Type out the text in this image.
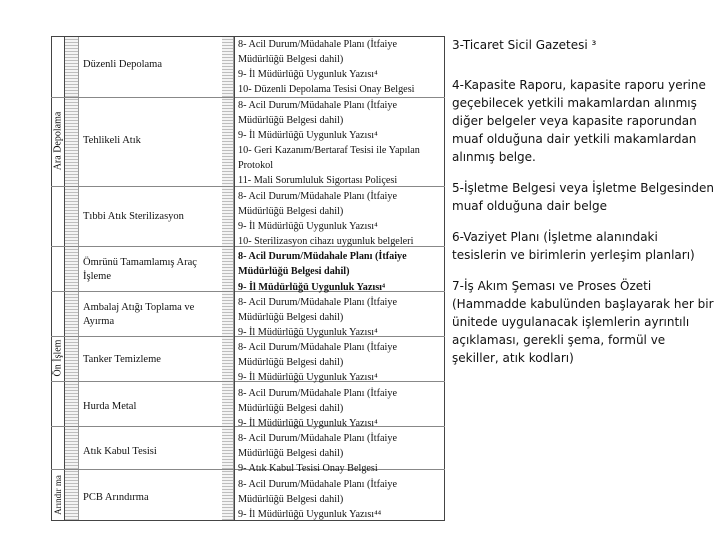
Ara Depolama
Ön İşlem
Arındır ma
Düzenli Depolama
Tehlikeli Atık
Tıbbi Atık Sterilizasyon
Ömrünü Tamamlamış Araç İşleme
Ambalaj Atığı Toplama ve Ayırma
Tanker Temizleme
Hurda Metal
Atık Kabul Tesisi
PCB Arındırma
8- Acil Durum/Müdahale Planı (İtfaiye
Müdürlüğü Belgesi dahil)
9- İl Müdürlüğü Uygunluk Yazısı⁴
10- Düzenli Depolama Tesisi Onay Belgesi
8- Acil Durum/Müdahale Planı (İtfaiye
Müdürlüğü Belgesi dahil)
9- İl Müdürlüğü Uygunluk Yazısı⁴
10- Geri Kazanım/Bertaraf Tesisi ile Yapılan
Protokol
11- Mali Sorumluluk Sigortası Poliçesi
8- Acil Durum/Müdahale Planı (İtfaiye
Müdürlüğü Belgesi dahil)
9- İl Müdürlüğü Uygunluk Yazısı⁴
10- Sterilizasyon cihazı uygunluk belgeleri
8- Acil Durum/Müdahale Planı (İtfaiye
Müdürlüğü Belgesi dahil)
9- İl Müdürlüğü Uygunluk Yazısı⁴
8- Acil Durum/Müdahale Planı (İtfaiye
Müdürlüğü Belgesi dahil)
9- İl Müdürlüğü Uygunluk Yazısı⁴
8- Acil Durum/Müdahale Planı (İtfaiye
Müdürlüğü Belgesi dahil)
9- İl Müdürlüğü Uygunluk Yazısı⁴
8- Acil Durum/Müdahale Planı (İtfaiye
Müdürlüğü Belgesi dahil)
9- İl Müdürlüğü Uygunluk Yazısı⁴
8- Acil Durum/Müdahale Planı (İtfaiye
Müdürlüğü Belgesi dahil)
9- Atık Kabul Tesisi Onay Belgesi
8- Acil Durum/Müdahale Planı (İtfaiye
Müdürlüğü Belgesi dahil)
9- İl Müdürlüğü Uygunluk Yazısı⁴⁴

3-Ticaret Sicil Gazetesi ³

4-Kapasite Raporu, kapasite raporu yerine geçebilecek yetkili makamlardan alınmış diğer belgeler veya kapasite raporundan muaf olduğuna dair yetkili makamlardan alınmış belge.

5-İşletme Belgesi veya İşletme Belgesinden muaf olduğuna dair belge

6-Vaziyet Planı (İşletme alanındaki tesislerin ve birimlerin yerleşim planları)

7-İş Akım Şeması ve Proses Özeti (Hammadde kabulünden başlayarak her bir ünitede uygulanacak işlemlerin ayrıntılı açıklaması, gerekli şema, formül ve şekiller, atık kodları)
